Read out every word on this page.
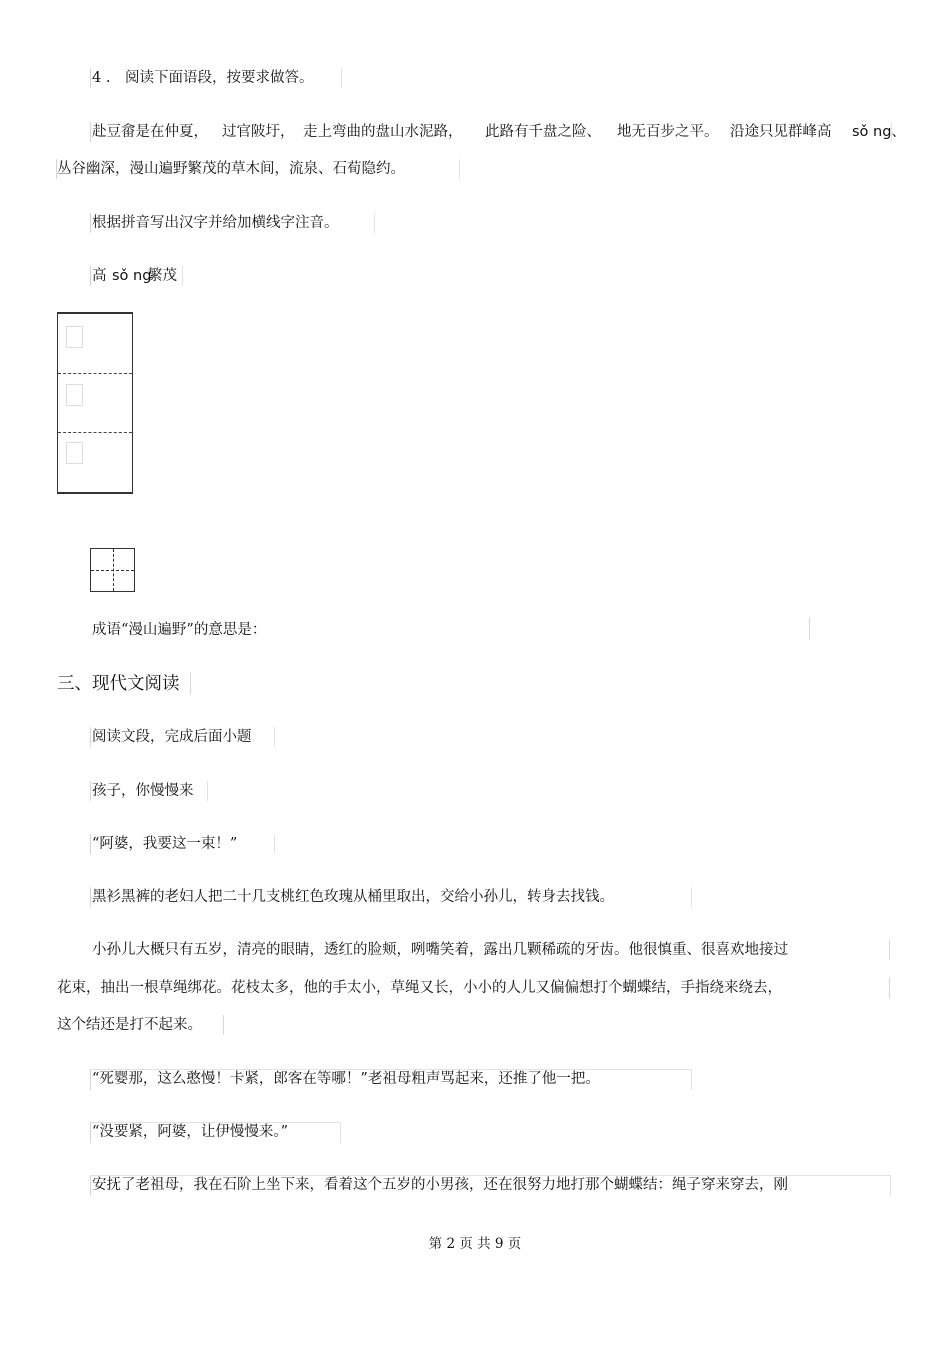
4 . 阅读下面语段，按要求做答。
赴豆畲是在仲夏， 过官陂圩， 走上弯曲的盘山水泥路， 此路有千盘之险、 地无百步之平。 沿途只见群峰高 sǒ ng、
丛谷幽深，漫山遍野繁茂的草木间，流泉、石荀隐约。
根据拼音写出汉字并给加横线字注音。
高 sǒ ng
繁茂
成语“漫山遍野”的意思是：
三、现代文阅读
阅读文段，完成后面小题
孩子，你慢慢来
“阿婆，我要这一束！”
黑衫黑裤的老妇人把二十几支桃红色玫瑰从桶里取出，交给小孙儿，转身去找钱。
小孙儿大概只有五岁，清亮的眼睛，透红的脸颊，咧嘴笑着，露出几颗稀疏的牙齿。他很慎重、很喜欢地接过
花束，抽出一根草绳绑花。花枝太多，他的手太小，草绳又长，小小的人儿又偏偏想打个蝴蝶结，手指绕来绕去，
这个结还是打不起来。
“死婴那，这么憨慢！卡紧，郎客在等哪！”老祖母粗声骂起来，还推了他一把。
“没要紧，阿婆，让伊慢慢来。”
安抚了老祖母，我在石阶上坐下来，看着这个五岁的小男孩，还在很努力地打那个蝴蝶结：绳子穿来穿去，刚
第 2 页 共 9 页
